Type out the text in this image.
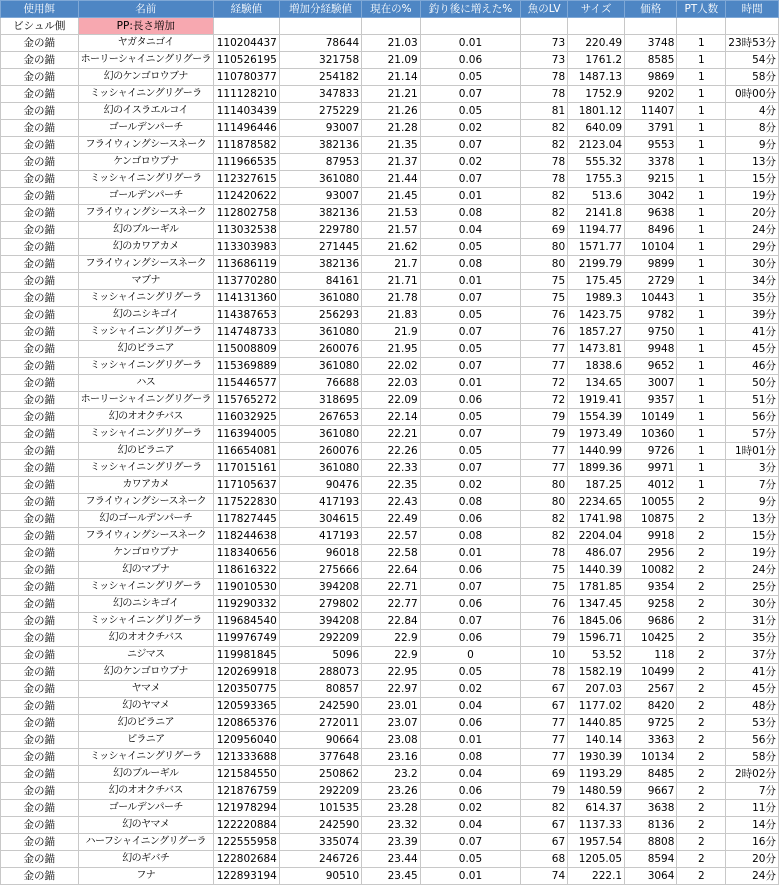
使用餌	名前	経験値	増加分経験値	現在の%	釣り後に増えた%	魚のLV	サイズ	価格	PT人数	時間
ビシュル側	PP:長さ増加									
金の錨	ヤガタニゴイ	110204437	78644	21.03	0.01	73	220.49	3748	1	23時53分
金の錨	ホーリーシャイニングリグーラ	110526195	321758	21.09	0.06	73	1761.2	8585	1	54分
金の錨	幻のケンゴロウブナ	110780377	254182	21.14	0.05	78	1487.13	9869	1	58分
金の錨	ミッシャイニングリグーラ	111128210	347833	21.21	0.07	78	1752.9	9202	1	0時00分
金の錨	幻のイスラエルコイ	111403439	275229	21.26	0.05	81	1801.12	11407	1	4分
金の錨	ゴールデンパーチ	111496446	93007	21.28	0.02	82	640.09	3791	1	8分
金の錨	フライウィングシースネーク	111878582	382136	21.35	0.07	82	2123.04	9553	1	9分
金の錨	ケンゴロウブナ	111966535	87953	21.37	0.02	78	555.32	3378	1	13分
金の錨	ミッシャイニングリグーラ	112327615	361080	21.44	0.07	78	1755.3	9215	1	15分
金の錨	ゴールデンパーチ	112420622	93007	21.45	0.01	82	513.6	3042	1	19分
金の錨	フライウィングシースネーク	112802758	382136	21.53	0.08	82	2141.8	9638	1	20分
金の錨	幻のブルーギル	113032538	229780	21.57	0.04	69	1194.77	8496	1	24分
金の錨	幻のカワアカメ	113303983	271445	21.62	0.05	80	1571.77	10104	1	29分
金の錨	フライウィングシースネーク	113686119	382136	21.7	0.08	80	2199.79	9899	1	30分
金の錨	マブナ	113770280	84161	21.71	0.01	75	175.45	2729	1	34分
金の錨	ミッシャイニングリグーラ	114131360	361080	21.78	0.07	75	1989.3	10443	1	35分
金の錨	幻のニシキゴイ	114387653	256293	21.83	0.05	76	1423.75	9782	1	39分
金の錨	ミッシャイニングリグーラ	114748733	361080	21.9	0.07	76	1857.27	9750	1	41分
金の錨	幻のピラニア	115008809	260076	21.95	0.05	77	1473.81	9948	1	45分
金の錨	ミッシャイニングリグーラ	115369889	361080	22.02	0.07	77	1838.6	9652	1	46分
金の錨	ハス	115446577	76688	22.03	0.01	72	134.65	3007	1	50分
金の錨	ホーリーシャイニングリグーラ	115765272	318695	22.09	0.06	72	1919.41	9357	1	51分
金の錨	幻のオオクチバス	116032925	267653	22.14	0.05	79	1554.39	10149	1	56分
金の錨	ミッシャイニングリグーラ	116394005	361080	22.21	0.07	79	1973.49	10360	1	57分
金の錨	幻のピラニア	116654081	260076	22.26	0.05	77	1440.99	9726	1	1時01分
金の錨	ミッシャイニングリグーラ	117015161	361080	22.33	0.07	77	1899.36	9971	1	3分
金の錨	カワアカメ	117105637	90476	22.35	0.02	80	187.25	4012	1	7分
金の錨	フライウィングシースネーク	117522830	417193	22.43	0.08	80	2234.65	10055	2	9分
金の錨	幻のゴールデンパーチ	117827445	304615	22.49	0.06	82	1741.98	10875	2	13分
金の錨	フライウィングシースネーク	118244638	417193	22.57	0.08	82	2204.04	9918	2	15分
金の錨	ケンゴロウブナ	118340656	96018	22.58	0.01	78	486.07	2956	2	19分
金の錨	幻のマブナ	118616322	275666	22.64	0.06	75	1440.39	10082	2	24分
金の錨	ミッシャイニングリグーラ	119010530	394208	22.71	0.07	75	1781.85	9354	2	25分
金の錨	幻のニシキゴイ	119290332	279802	22.77	0.06	76	1347.45	9258	2	30分
金の錨	ミッシャイニングリグーラ	119684540	394208	22.84	0.07	76	1845.06	9686	2	31分
金の錨	幻のオオクチバス	119976749	292209	22.9	0.06	79	1596.71	10425	2	35分
金の錨	ニジマス	119981845	5096	22.9	0	10	53.52	118	2	37分
金の錨	幻のケンゴロウブナ	120269918	288073	22.95	0.05	78	1582.19	10499	2	41分
金の錨	ヤマメ	120350775	80857	22.97	0.02	67	207.03	2567	2	45分
金の錨	幻のヤマメ	120593365	242590	23.01	0.04	67	1177.02	8420	2	48分
金の錨	幻のピラニア	120865376	272011	23.07	0.06	77	1440.85	9725	2	53分
金の錨	ピラニア	120956040	90664	23.08	0.01	77	140.14	3363	2	56分
金の錨	ミッシャイニングリグーラ	121333688	377648	23.16	0.08	77	1930.39	10134	2	58分
金の錨	幻のブルーギル	121584550	250862	23.2	0.04	69	1193.29	8485	2	2時02分
金の錨	幻のオオクチバス	121876759	292209	23.26	0.06	79	1480.59	9667	2	7分
金の錨	ゴールデンパーチ	121978294	101535	23.28	0.02	82	614.37	3638	2	11分
金の錨	幻のヤマメ	122220884	242590	23.32	0.04	67	1137.33	8136	2	14分
金の錨	ハーフシャイニングリグーラ	122555958	335074	23.39	0.07	67	1957.54	8808	2	16分
金の錨	幻のギバチ	122802684	246726	23.44	0.05	68	1205.05	8594	2	20分
金の錨	フナ	122893194	90510	23.45	0.01	74	222.1	3064	2	24分
